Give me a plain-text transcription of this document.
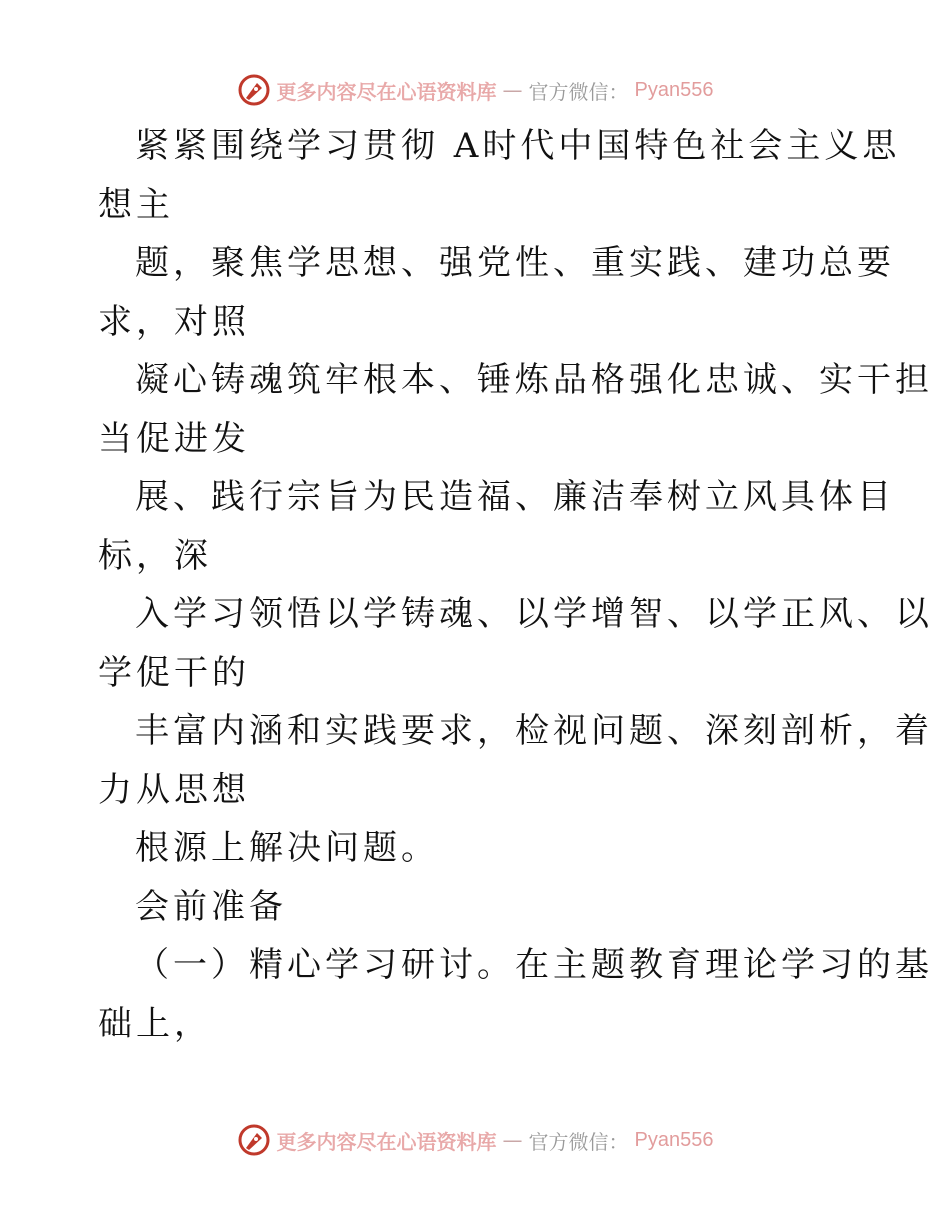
更多内容尽在心语资料库 — 官方微信： Pyan556
紧紧围绕学习贯彻 A时代中国特色社会主义思
想主
题，聚焦学思想、强党性、重实践、建功总要
求，对照
凝心铸魂筑牢根本、锤炼品格强化忠诚、实干担
当促进发
展、践行宗旨为民造福、廉洁奉树立风具体目
标，深
入学习领悟以学铸魂、以学增智、以学正风、以
学促干的
丰富内涵和实践要求，检视问题、深刻剖析，着
力从思想
根源上解决问题。
会前准备
（一）精心学习研讨。在主题教育理论学习的基
础上，
更多内容尽在心语资料库 — 官方微信： Pyan556
